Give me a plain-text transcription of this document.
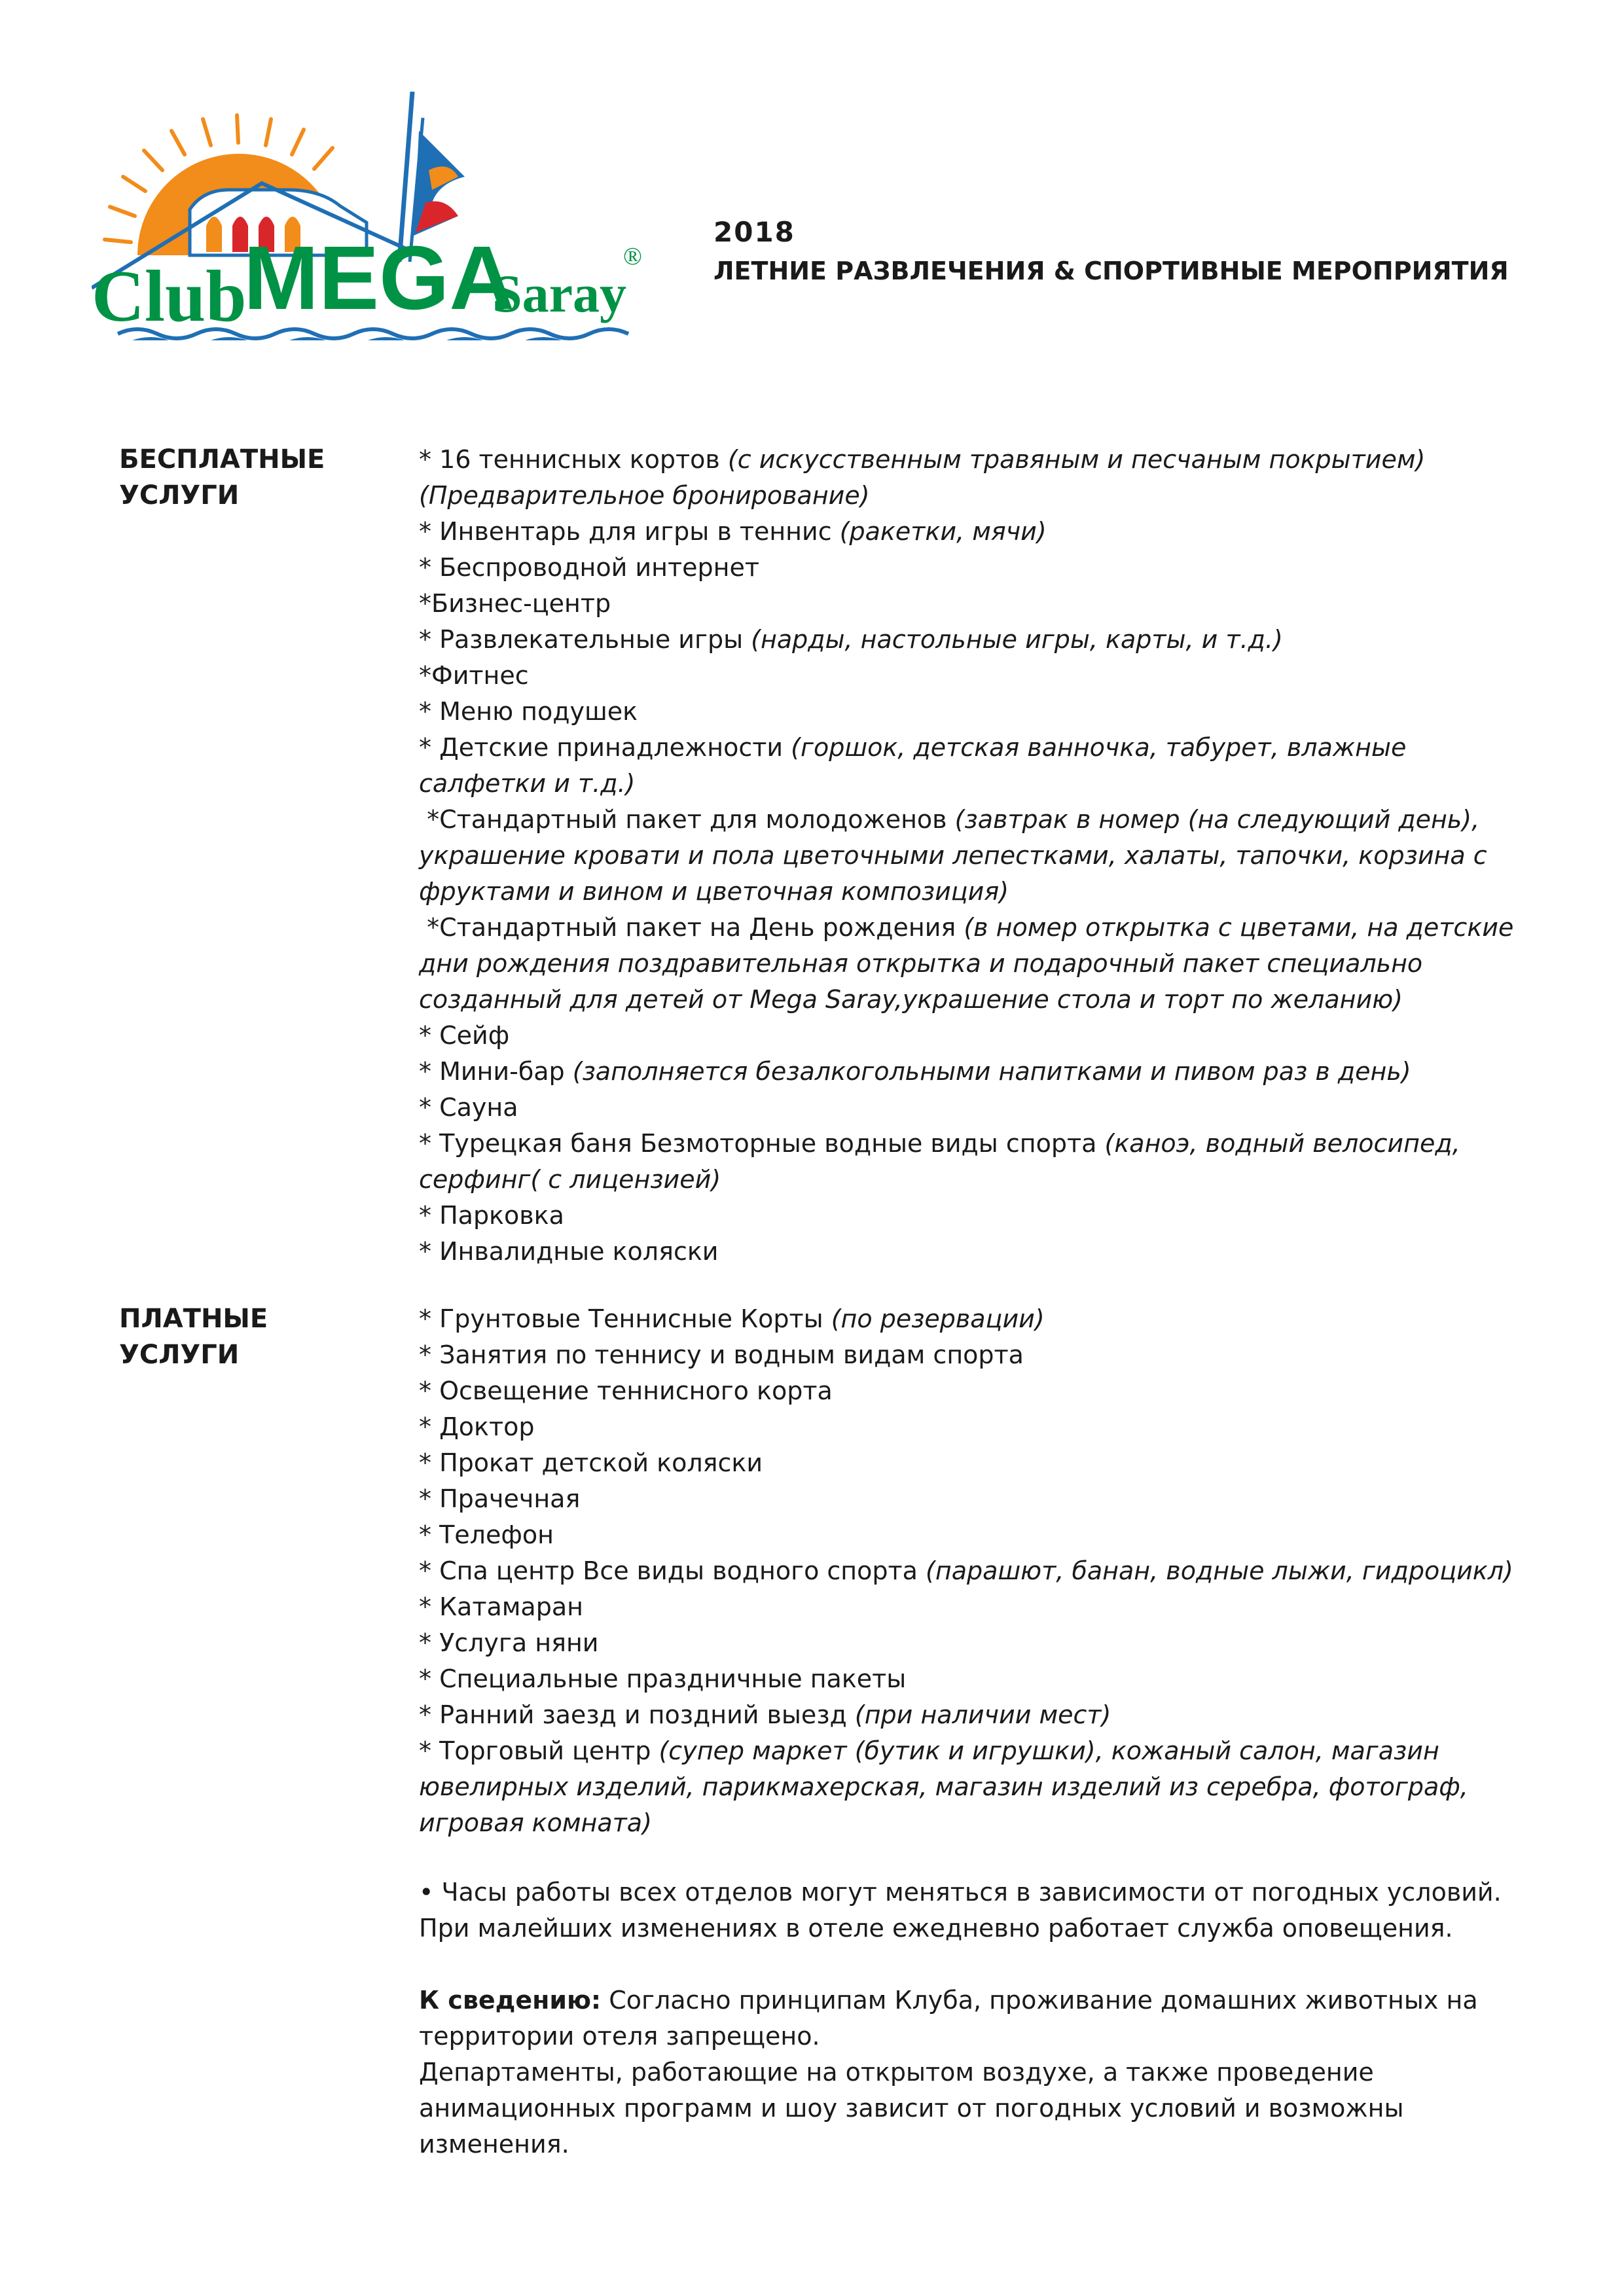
Club
MEGA
Saray
®
2018
ЛЕТНИЕ РАЗВЛЕЧЕНИЯ & СПОРТИВНЫЕ МЕРОПРИЯТИЯ
БЕСПЛАТНЫЕ
УСЛУГИ
* 16 теннисных кортов (с искусственным травяным и песчаным покрытием)
(Предварительное бронирование)
* Инвентарь для игры в теннис (ракетки, мячи)
* Беспроводной интернет
*Бизнес-центр
* Развлекательные игры (нарды, настольные игры, карты, и т.д.)
*Фитнес
* Меню подушек
* Детские принадлежности (горшок, детская ванночка, табурет, влажные
салфетки и т.д.)
*Стандартный пакет для молодоженов (завтрак в номер (на следующий день),
украшение кровати и пола цветочными лепестками, халаты, тапочки, корзина с
фруктами и вином и цветочная композиция)
*Стандартный пакет на День рождения (в номер открытка с цветами, на детские
дни рождения поздравительная открытка и подарочный пакет специально
созданный для детей от Mega Saray,украшение стола и торт по желанию)
* Сейф
* Мини-бар (заполняется безалкогольными напитками и пивом раз в день)
* Сауна
* Турецкая баня Безмоторные водные виды спорта (каноэ, водный велосипед,
серфинг( с лицензией)
* Парковка
* Инвалидные коляски
ПЛАТНЫЕ УСЛУГИ
* Грунтовые Теннисные Корты (по резервации)
* Занятия по теннису и водным видам спорта
* Освещение теннисного корта
* Доктор
* Прокат детской коляски
* Прачечная
* Телефон
* Спа центр Все виды водного спорта (парашют, банан, водные лыжи, гидроцикл)
* Катамаран
* Услуга няни
* Специальные праздничные пакеты
* Ранний заезд и поздний выезд (при наличии мест)
* Торговый центр (супер маркет (бутик и игрушки), кожаный салон, магазин
ювелирных изделий, парикмахерская, магазин изделий из серебра, фотограф,
игровая комната)
• Часы работы всех отделов могут меняться в зависимости от погодных условий.
При малейших изменениях в отеле ежедневно работает служба оповещения.
К сведению: Согласно принципам Клуба, проживание домашних животных на
территории отеля запрещено.
Департаменты, работающие на открытом воздухе, а также проведение
анимационных программ и шоу зависит от погодных условий и возможны
изменения.
